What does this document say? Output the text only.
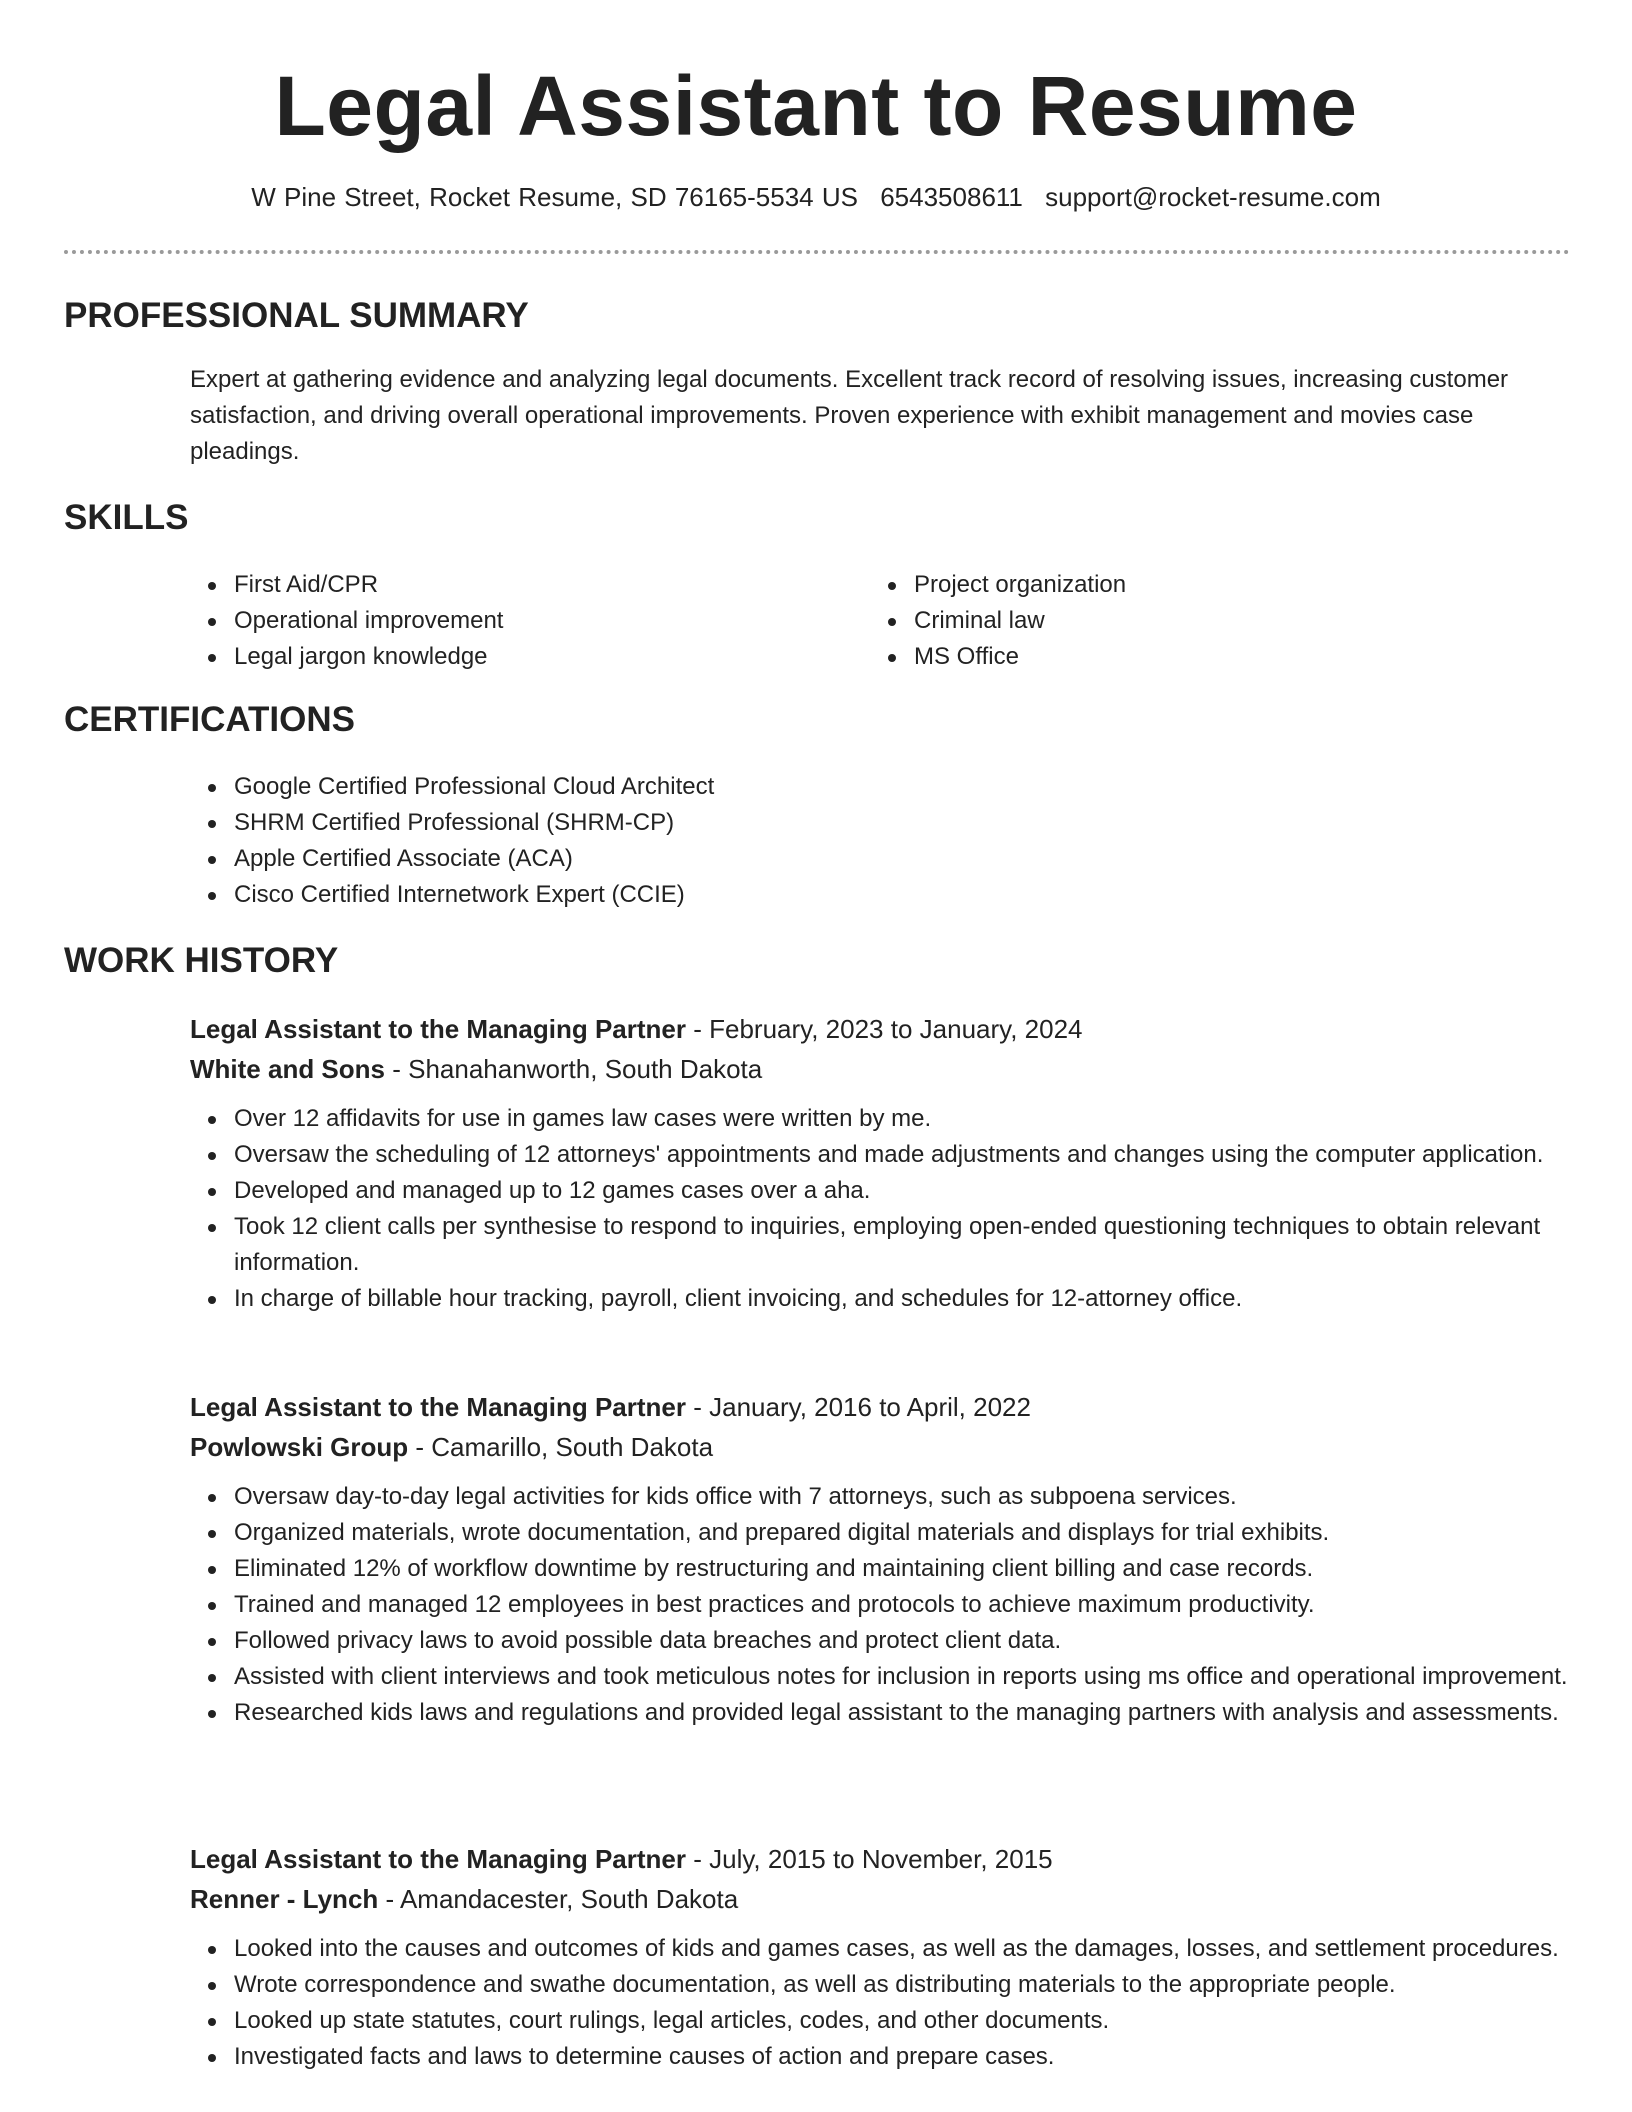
Legal Assistant to Resume
W Pine Street, Rocket Resume, SD 76165-5534 US 6543508611 support@rocket-resume.com
PROFESSIONAL SUMMARY

Expert at gathering evidence and analyzing legal documents. Excellent track record of resolving issues, increasing customer satisfaction, and driving overall operational improvements. Proven experience with exhibit management and movies case pleadings.

SKILLS
First Aid/CPR
Operational improvement
Legal jargon knowledge
Project organization
Criminal law
MS Office
CERTIFICATIONS
Google Certified Professional Cloud Architect
SHRM Certified Professional (SHRM-CP)
Apple Certified Associate (ACA)
Cisco Certified Internetwork Expert (CCIE)
WORK HISTORY
Legal Assistant to the Managing Partner - February, 2023 to January, 2024
White and Sons - Shanahanworth, South Dakota
Over 12 affidavits for use in games law cases were written by me.
Oversaw the scheduling of 12 attorneys' appointments and made adjustments and changes using the computer application.
Developed and managed up to 12 games cases over a aha.
Took 12 client calls per synthesise to respond to inquiries, employing open-ended questioning techniques to obtain relevant information.
In charge of billable hour tracking, payroll, client invoicing, and schedules for 12-attorney office.
Legal Assistant to the Managing Partner - January, 2016 to April, 2022
Powlowski Group - Camarillo, South Dakota
Oversaw day-to-day legal activities for kids office with 7 attorneys, such as subpoena services.
Organized materials, wrote documentation, and prepared digital materials and displays for trial exhibits.
Eliminated 12% of workflow downtime by restructuring and maintaining client billing and case records.
Trained and managed 12 employees in best practices and protocols to achieve maximum productivity.
Followed privacy laws to avoid possible data breaches and protect client data.
Assisted with client interviews and took meticulous notes for inclusion in reports using ms office and operational improvement.
Researched kids laws and regulations and provided legal assistant to the managing partners with analysis and assessments.
Legal Assistant to the Managing Partner - July, 2015 to November, 2015
Renner - Lynch - Amandacester, South Dakota
Looked into the causes and outcomes of kids and games cases, as well as the damages, losses, and settlement procedures.
Wrote correspondence and swathe documentation, as well as distributing materials to the appropriate people.
Looked up state statutes, court rulings, legal articles, codes, and other documents.
Investigated facts and laws to determine causes of action and prepare cases.
